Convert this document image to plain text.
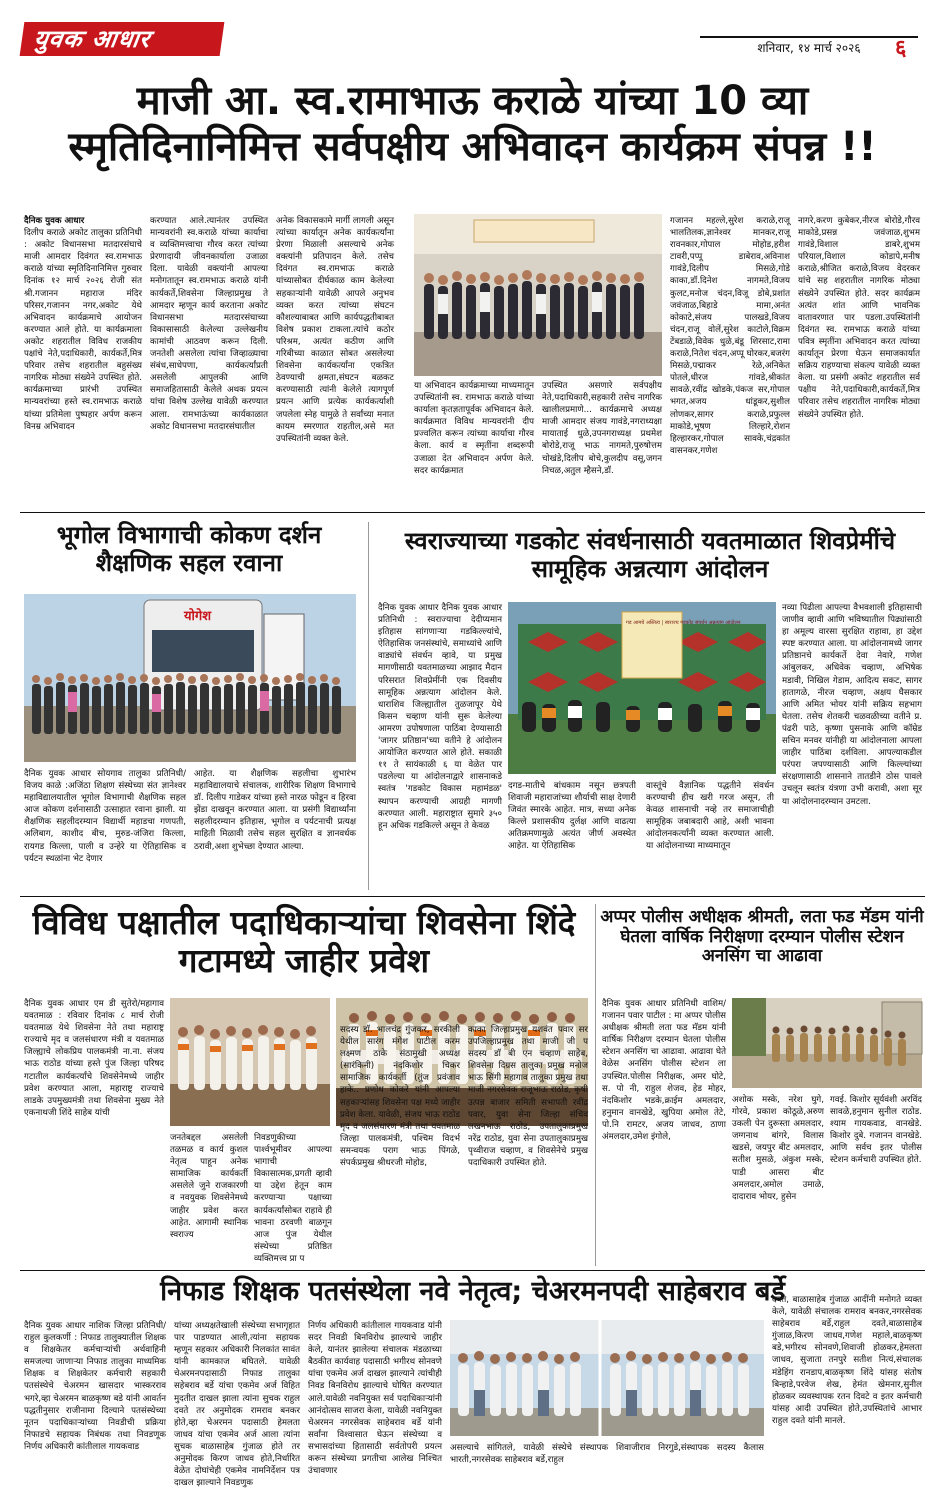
युवक आधार	शनिवार, १४ मार्च २०२६	६
माजी आ. स्व.रामाभाऊ कराळे यांच्या 10 व्या स्मृतिदिनानिमित्त सर्वपक्षीय अभिवादन कार्यक्रम संपन्न !!
दैनिक युवक आधार
दिलीप कराळे अकोट तालुका प्रतिनिधी : अकोट विधानसभा मतदारसंघाचे माजी आमदार दिवंगत स्व.रामभाऊ कराळे यांच्या स्मृतिदिनानिमित्त गुरुवार दिनांक १२ मार्च २०२६ रोजी संत श्री.गजानन महाराज मंदिर परिसर,गजानन नगर,अकोट येथे अभिवादन कार्यक्रमाचे आयोजन करण्यात आले होते. या कार्यक्रमाला अकोट शहरातील विविध राजकीय पक्षांचे नेते,पदाधिकारी, कार्यकर्ते,मित्र परिवार तसेच शहरातील बहुसंख्य नागरिक मोठ्या संख्येने उपस्थित होते. कार्यक्रमाच्या प्रारंभी उपस्थित मान्यवरांच्या हस्ते स्व.रामभाऊ कराळे यांच्या प्रतिमेला पुष्पहार अर्पण करून विनम्र अभिवादन
करण्यात आले.त्यानंतर उपस्थित मान्यवरांनी स्व.कराळे यांच्या कार्याचा व व्यक्तिमत्त्वाचा गौरव करत त्यांच्या प्रेरणादायी जीवनकार्याला उजाळा दिला. यावेळी वक्त्यांनी आपल्या मनोगतातून स्व.रामभाऊ कराळे यांनी कार्यकर्ते,शिवसेना जिल्हाप्रमुख ते आमदार म्हणून कार्य करताना अकोट विधानसभा मतदारसंघाच्या विकासासाठी केलेल्या उल्लेखनीय कामांची आठवण करून दिली. जनतेशी असलेला त्यांचा जिव्हाळ्याचा संबंध,साधेपणा, कार्यकर्त्यांप्रती असलेली आपुलकी आणि समाजहितासाठी केलेले अथक प्रयत्न यांचा विशेष उल्लेख यावेळी करण्यात आला. रामभाऊंच्या कार्यकाळात अकोट विधानसभा मतदारसंघातील
अनेक विकासकामे मार्गी लागली असून त्यांच्या कार्यातून अनेक कार्यकर्त्यांना प्रेरणा मिळाली असल्याचे अनेक वक्त्यांनी प्रतिपादन केले. तसेच दिवंगत स्व.रामभाऊ कराळे यांच्यासोबत दीर्घकाळ काम केलेल्या सहकाऱ्यांनी यावेळी आपले अनुभव व्यक्त करत त्यांच्या संघटन कौशल्याबाबत आणि कार्यपद्धतीबाबत विशेष प्रकाश टाकला.त्यांचे कठोर परिश्रम, अत्यंत कठीण आणि गरिबीच्या काळात सोबत असलेल्या शिवसेना कार्यकर्त्यांना एकत्रित ठेवण्याची क्षमता,संघटन बळकट करण्यासाठी त्यांनी केलेले त्यागपूर्ण प्रयत्न आणि प्रत्येक कार्यकर्त्याशी जपलेला स्नेह यामुळे ते सर्वांच्या मनात कायम स्मरणात राहतील,असे मत उपस्थितांनी व्यक्त केले.
या अभिवादन कार्यक्रमाच्या माध्यमातून उपस्थितांनी स्व. रामभाऊ कराळे यांच्या कार्याला कृतज्ञतापूर्वक अभिवादन केले. कार्यक्रमात विविध मान्यवरांनी दीप प्रज्वलित करून त्यांच्या कार्याचा गौरव केला. कार्य व स्मृतींना शब्दरूपी उजाळा देत अभिवादन अर्पण केले. सदर कार्यक्रमात
उपस्थित असणारे सर्वपक्षीय नेते,पदाधिकारी,सहकारी तसेच नागरिक खालीलप्रमाणे... कार्यक्रमाचे अध्यक्ष माजी आमदार संजय गावंडे,नगराध्यक्षा मायाताई धुळे,उपनगराध्यक्ष प्रथमेश बोरोडे,राजू भाऊ नागमते,पुरुषोत्तम चोखंडे,दिलीप बोचे,कुलदीप वसू,जगन निचळ,अतुल म्हैसने,डॉ.
गजानन महल्ले,सुरेश कराळे,राजू भालतिलक,ज्ञानेश्वर मानकर,राजू रावनकार,गोपाल मोहोड,हरीश टावरी,पप्पू डाबेराव,अविनाश गावंडे,दिलीप मिसळे,गोडे काका,डॉ.दिनेश नागमते,विजय कुलट,मनोज चंदन,विजू डोबे,प्रशांत जवंजाळ,बिहाडे मामा,अनंत कोकाटे,संजय पालखडे,विजय चंदन,राजू वोलें,सुरेश काटोले,विक्रम टेंबडाळे,विवेक धुळे,बंडू शिरसाट,रामा कराळे,नितेश चंदन,अप्पू घोरकर,बजरंग मिसळे,पद्माकर रेळे,अनिकेत पोतले,धीरज गांवडे,श्रीकांत सावळे,रवींद्र खोडके,पंकज सर,गोपाल भगत,अजय धांडूकर,सुशील लोणकर,सागर कराळे,प्रफुल्ल माकोडे,भूषण लिल्हारे,रोशन हिल्हारकर,गोपाल सावके,चंद्रकांत वासनकर,गणेश
नागरे,करण कुबेकर,नीरज बोरोडे,गौरव माकोडे,प्रसन्न जवंजाळ,शुभम गावंडे,विशाल डाबरे,शुभम परियाल,विशाल कोडापे,मनीष कराळे,श्रीजित कराळे,विजय वेदरकर यांचे सह शहरातील नागरिक मोठ्या संख्येने उपस्थित होते. सदर कार्यक्रम अत्यंत शांत आणि भावनिक वातावरणात पार पडला.उपस्थितांनी दिवंगत स्व. रामभाऊ कराळे यांच्या पवित्र स्मृतींना अभिवादन करत त्यांच्या कार्यातून प्रेरणा घेऊन समाजकार्यात सक्रिय राहण्याचा संकल्प यावेळी व्यक्त केला. या प्रसंगी अकोट शहरातील सर्व पक्षीय नेते,पदाधिकारी,कार्यकर्ते,मित्र परिवार तसेच शहरातील नागरिक मोठ्या संख्येने उपस्थित होते.
भूगोल विभागाची कोकण दर्शन शैक्षणिक सहल रवाना
योगेश
दैनिक युवक आधार सोयगाव तालुका प्रतिनिधी/ विजय काळे :अजिंठा शिक्षण संस्थेच्या संत ज्ञानेश्वर महाविद्यालयातील भूगोल विभागाची शैक्षणिक सहल आज कोकण दर्शनासाठी उत्साहात रवाना झाली. या शैक्षणिक सहलीदरम्यान विद्यार्थी महाडचा गणपती, अलिबाग, काशीद बीच, मुरुड-जंजिरा किल्ला, रायगड किल्ला, पाली व उन्हेरे या ऐतिहासिक व पर्यटन स्थळांना भेट देणार
आहेत. या शैक्षणिक सहलीचा शुभारंभ महाविद्यालयाचे संचालक, शारीरिक शिक्षण विभागाचे डॉ. दिलीप गाडेकर यांच्या हस्ते नारळ फोडून व हिरवा झेंडा दाखवून करण्यात आला. या प्रसंगी विद्यार्थ्यांना सहलीदरम्यान इतिहास, भूगोल व पर्यटनाची प्रत्यक्ष माहिती मिळावी तसेच सहल सुरक्षित व ज्ञानवर्धक ठरावी,अशा शुभेच्छा देण्यात आल्या.
स्वराज्याच्या गडकोट संवर्धनासाठी यवतमाळात शिवप्रेमींचे सामूहिक अन्नत्याग आंदोलन
दैनिक युवक आधार दैनिक युवक आधार प्रतिनिधी : स्वराज्याचा देदीप्यमान इतिहास सांगणाऱ्या गडकिल्ल्यांचे, ऐतिहासिक जनसंस्थांचे, समाध्यांचे आणि वाड्यांचे संवर्धन व्हावे, या प्रमुख मागणीसाठी यवतमाळच्या आझाद मैदान परिसरात शिवप्रेमींनी एक दिवसीय सामूहिक अन्नत्याग आंदोलन केले. धाराशिव जिल्ह्यातील तुळजापूर येथे किसन चव्हाण यांनी सुरू केलेल्या आमरण उपोषणाला पाठिंबा देण्यासाठी 'जागर प्रतिष्ठान'च्या वतीने हे आंदोलन आयोजित करण्यात आले होते. सकाळी ११ ते सायंकाळी ६ या वेळेत पार पडलेल्या या आंदोलनाद्वारे शासनाकडे स्वतंत्र 'गडकोट विकास महामंडळ' स्थापन करण्याची आग्रही मागणी करण्यात आली. महाराष्ट्रात सुमारे ३५० हून अधिक गडकिल्ले असून ते केवळ
गड आमचे अस्तित्व | स्वराज्य गडकोट संवर्धन अन्नत्याग आंदोलन
दगड-मातीचे बांधकाम नसून छत्रपती शिवाजी महाराजांच्या शौर्याची साक्ष देणारी जिवंत स्मारके आहेत. मात्र, सध्या अनेक किल्ले प्रशासकीय दुर्लक्ष आणि वाढत्या अतिक्रमणामुळे अत्यंत जीर्ण अवस्थेत आहेत. या ऐतिहासिक
वास्तूंचे वैज्ञानिक पद्धतीने संवर्धन करण्याची हीच खरी गरज असून, ती केवळ शासनाची नव्हे तर समाजाचीही सामूहिक जबाबदारी आहे, अशी भावना आंदोलनकर्त्यांनी व्यक्त करण्यात आली. या आंदोलनाच्या माध्यमातून
नव्या पिढीला आपल्या वैभवशाली इतिहासाची जाणीव व्हावी आणि भविष्यातील पिढ्यांसाठी हा अमूल्य वारसा सुरक्षित राहावा, हा उद्देश स्पष्ट करण्यात आला. या आंदोलनामध्ये जागर प्रतिष्ठानचे कार्यकर्ते देवा नेवारे, गणेश आंबुलकर, अधिवेक चव्हाण, अभिषेक मडावी, निखिल गेडाम, आदित्य सकट, सागर हातागळे, नीरज चव्हाण, अक्षय घैसकार आणि अमित भोयर यांनी सक्रिय सहभाग घेतला. तसेच शेतकरी चळवळीच्या वतीने प्र. पंढरी पाठे, कृष्णा पुसनाके आणि कॉम्रेड सचिन मनवर यांनीही या आंदोलनाला आपला जाहीर पाठिंबा दर्शविला. आपल्याकडील परंपरा जपण्यासाठी आणि किल्ल्यांच्या संरक्षणासाठी शासनाने तातडीने ठोस पावले उचलून स्वतंत्र यंत्रणा उभी करावी, अशा सूर या आंदोलनादरम्यान उमटला.
विविध पक्षातील पदाधिकाऱ्यांचा शिवसेना शिंदे गटामध्ये जाहीर प्रवेश
दैनिक युवक आधार एम डी सुतेरो/महागाव यवतमाळ : रविवार दिनांक ८ मार्च रोजी यवतमाळ येथे शिवसेना नेते तथा महाराष्ट्र राज्याचे मृद व जलसंधारण मंत्री व यवतमाळ जिल्ह्याचे लोकप्रिय पालकमंत्री ना.ना. संजय भाऊ राठोड यांच्या हस्ते पुंज जिल्हा परिषद गटातील कार्यकर्त्यांचे शिवसेनेमध्ये जाहीर प्रवेश करण्यात आला, महाराष्ट्र राज्याचे लाडके उपमुख्यमंत्री तथा शिवसेना मुख्य नेते एकनाथजी शिंदे साहेब यांची
जनतेबद्दल असलेली तळमळ व कार्य कुशल नेतृत्व पाहून अनेक सामाजिक कार्यकर्ती असलेले जुने राजकारणी व नवयुवक शिवसेनेमध्ये जाहीर प्रवेश करत आहेत. आगामी स्थानिक स्वराज्य
निवडणुकीच्या पार्श्वभूमीवर आपल्या भागाची विकासात्मक,प्रगती व्हावी या उद्देश हेतून काम करण्याऱ्या पक्षाच्या कार्यकर्त्यांसोबत राहावे ही भावना ठरवणी बाळगून आज पुंज येथील संस्थेच्या प्रतिष्ठित व्यक्तिमत्त्व प्रा प
सदस्य डॉ. भालचंद्र गुंजकर, सरकीली येथील सारंग मंगेश पाटील करम लक्ष्मण ठाके संठामुखी अध्यक्ष (सारंकिनी) नंदकिशोर चिकर सामाजिक कार्यकर्ती (तुंज प्रवंजाव हाके.. प्रणोध कोकरे यांनी आपल्या सहकाऱ्यांसह शिवसेना पक्ष मध्ये जाहीर प्रवेश केला. यावेळी, संजय भाऊ राठोड मृद व जलसंधारण मंत्री तथा यवतमाळ जिल्हा पालकमंत्री, पश्चिम विदर्भ समन्वयक पराग भाऊ पिंगळे, संपर्कप्रमुख श्रीधरजी मोहोड,
काका जिल्हाप्रमुख यशवंत पवार सर उपजिल्हाप्रमुख तथा माजी जी प सदस्य डॉ बी एन चव्हाण साहेब, शिवसेना दिग्रस तालुका प्रमुख मनोज भाऊ सिंगी महागाव तालुका प्रमुख तथा माजी नगरसेवक राजूभाऊ राठोड, कृषी उत्पन्न बाजार समिती सभापती रवींद्र पवार, युवा सेना जिल्हा संचिव लखनभाऊ राठोड, उपतालुकाप्रमुख नरेंद्र राठोड, युवा सेना उपतालुकाप्रमुख पृथ्वीराज चव्हाण, व शिवसेनेचे प्रमुख पदाधिकारी उपस्थित होते.
अप्पर पोलीस अधीक्षक श्रीमती, लता फड मॅडम यांनी घेतला वार्षिक निरीक्षणा दरम्यान पोलीस स्टेशन अनसिंग चा आढावा
दैनिक युवक आधार प्रतिनिधी वाशिम/ गजानन पवार पाटील : मा अप्पर पोलीस अधीक्षक श्रीमती लता फड मॅडम यांनी वार्षिक निरीक्षण दरम्यान घेतला पोलीस स्टेशन अनसिंग चा आढावा. आढावा घेते वेळेस अनसिंग पोलीस स्टेशन ला उपस्थित.पोलीस निरीक्षक, अमर घोटे, स. पो नी, राहुल शेजव, हेड मोहर, नंदकिशोर भडके,क्राईम अमलदार, हनुमान वानखेडे, खुपिया अमोल तेटे, पो.नि रामटर, अजय जाधव, ठाणा अंमलदार,उमेश इंगोले,
अशोक मस्के, नरेश घुगे, गोरवे, प्रकाश कोठूळे,अरुण उकली पेन दुरूस्ता अमलदार, जग्गनाथ बांगरे, विलास खडसे, जयपुर बीट अमलदार, सतीश मुसळे, अंकुश मस्के, पाडी आसरा बीट अमलदार,अमोल उमाळे, दादाराव भोयर, हुसेन
गवई. किशोर सूर्यवंशी अरविंद सावळे,हनुमान सुनील राठोड. श्याम गायकवाड, वानखेडे. किशोर दुबे. गजानन वानखेडे. आणि सर्वच इतर पोलीस स्टेशन कर्मचारी उपस्थित होते.
निफाड शिक्षक पतसंस्थेला नवे नेतृत्व; चेअरमनपदी साहेबराव बर्डे
दैनिक युवक आधार नाशिक जिल्हा प्रतिनिधी/राहुल कुलकर्णी : निफाड तालुक्यातील शिक्षक व शिक्षकेतर कर्मचाऱ्यांची अर्थवाहिनी समजल्या जाणाऱ्या निफाड तालुका माध्यमिक शिक्षक व शिक्षकेतर कर्मचारी सहकारी पतसंस्थेचे चेअरमन खासदार भास्करराव भगरे,व्हा चेअरमन बाळकृष्ण बडे यांनी आवर्तन पद्धतीनुसार राजीनामा दिल्याने पतसंस्थेच्या नूतन पदाधिकाऱ्यांच्या निवडीची प्रक्रिया निफाडचे सहायक निबंधक तथा निवडणूक निर्णय अधिकारी कांतीलाल गायकवाड
यांच्या अध्यक्षतेखाली संस्थेच्या सभागृहात पार पाडण्यात आली,त्यांना सहायक म्हणून सहकार अधिकारी निलकांत सावंत यांनी कामकाज बघितले. यावेळी चेअरमनपदासाठी निफाड तालुका सहेबराव बर्डे यांचा एकमेव अर्ज विहित मुदतीत दाखल झाला त्यांना सुचक राहुल दवते तर अनुमोदक रामराव बनकर होते,व्हा चेअरमन पदासाठी हेमलता जाधव यांचा एकमेव अर्ज आला त्यांना सुचक बाळासाहेब गुंजाळ होते तर अनुमोदक किरण जाधव होते,निर्धारित वेळेत दोघांचेही एकमेव नामनिर्देशन पत्र दाखल झाल्याने निवडणुक
निर्णय अधिकारी कांतीलाल गायकवाड यांनी सदर निवडी बिनविरोध झाल्याचे जाहीर केले, यानंतर झालेल्या संचालक मंडळाच्या बैठकीत कार्यवाह पदासाठी भगीरथ सोनवणे यांचा एकमेव अर्ज दाखल झाल्याने त्यांचीही निवड बिनविरोध झाल्याचे घोषित करण्यात आले.यावेळी नवनियुक्त सर्व पदाधिकाऱ्यांनी आनंदोत्सव साजरा केला, यावेळी नवनियुक्त चेअरमन नगरसेवक साहेबराव बर्डे यांनी सर्वांना विश्वासात घेऊन संस्थेच्या व सभासदांच्या हितासाठी सर्वतोपरी प्रयत्न करून संस्थेच्या प्रगतीचा आलेख निश्चित उंचावणार
असल्याचे सांगितले, यावेळी संस्थेचे संस्थापक शिवाजीराव निरगुडे,संस्थापक सदस्य कैलास भारती,नगरसेवक साहेबराव बर्डे,राहुल
दवते, बाळासाहेब गुंजाळ आदींनी मनोगते व्यक्त केले, यावेळी संचालक रामराव बनकर,नगरसेवक साहेबराव बर्डे,राहुल दवते,बाळासाहेब गुंजाळ,किरण जाधव,गणेश महाले,बाळकृष्ण बडे,भगीरथ सोनवणे,शिवाजी होळकर,हेमलता जाधव, सुजाता तनपुरे सतीश नित्यं,संचालक मंडेहिंग रानडाप,बाळकृष्ण शिंदे यांसह संतोष बिन्हाडे,परवेज शेख, हेमंत खेमनार,सुनील होळकर व्यवस्थापक रतन दिवटे व इतर कर्मचारी यांसह आदी उपस्थित होते,उपस्थितांचे आभार राहुल दवते यांनी मानले.
